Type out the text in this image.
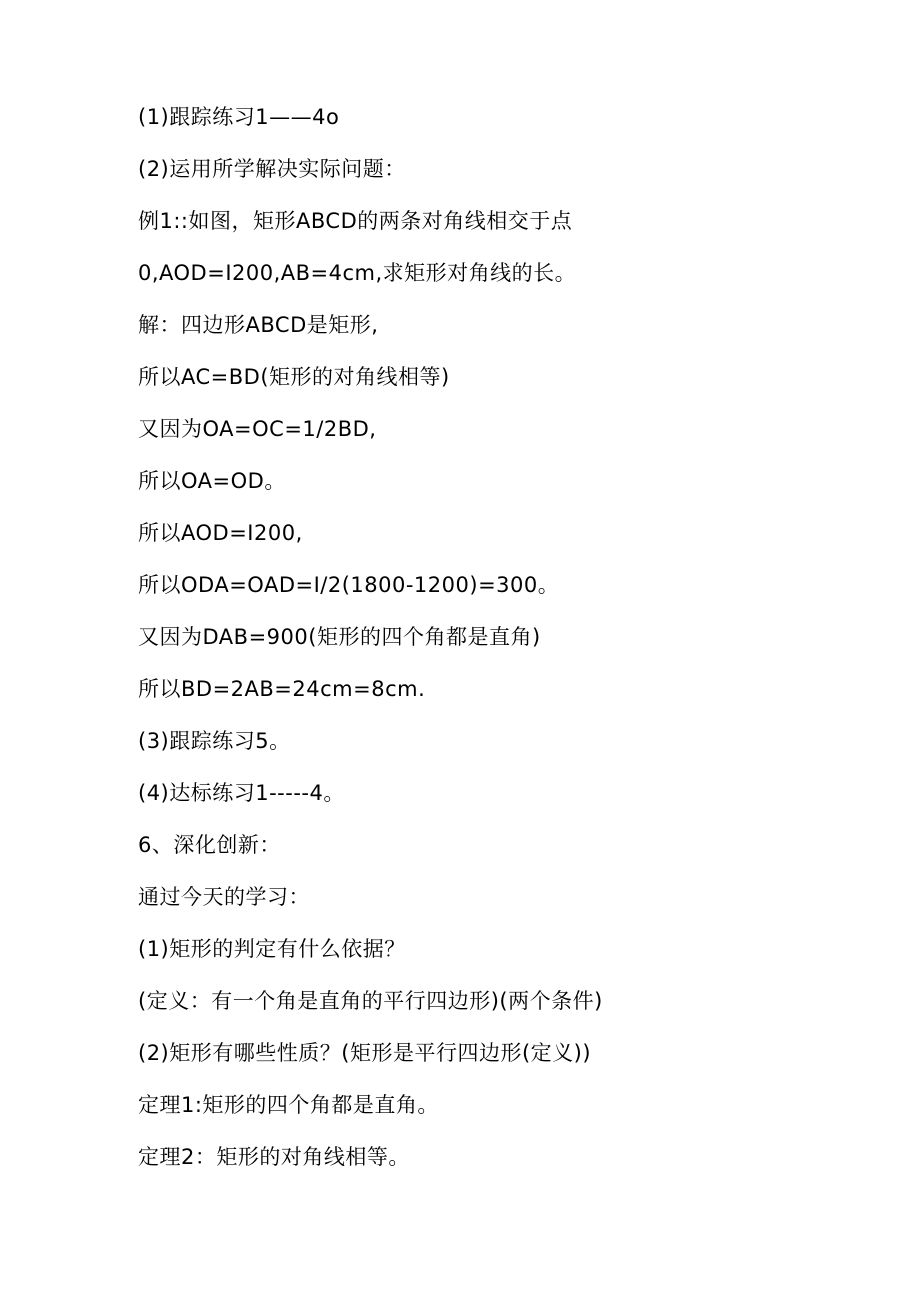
(1)跟踪练习1——4o
(2)运用所学解决实际问题：
例1::如图，矩形ABCD的两条对角线相交于点
0,AOD=I200,AB=4cm,求矩形对角线的长。
解：四边形ABCD是矩形,
所以AC=BD(矩形的对角线相等)
又因为OA=OC=1/2BD,
所以OA=OD。
所以AOD=I200,
所以ODA=OAD=I/2(1800-1200)=300。
又因为DAB=900(矩形的四个角都是直角)
所以BD=2AB=24cm=8cm.
(3)跟踪练习5。
(4)达标练习1-----4。
6、深化创新：
通过今天的学习：
(1)矩形的判定有什么依据？
(定义：有一个角是直角的平行四边形)(两个条件)
(2)矩形有哪些性质？(矩形是平行四边形(定义))
定理1:矩形的四个角都是直角。
定理2：矩形的对角线相等。
